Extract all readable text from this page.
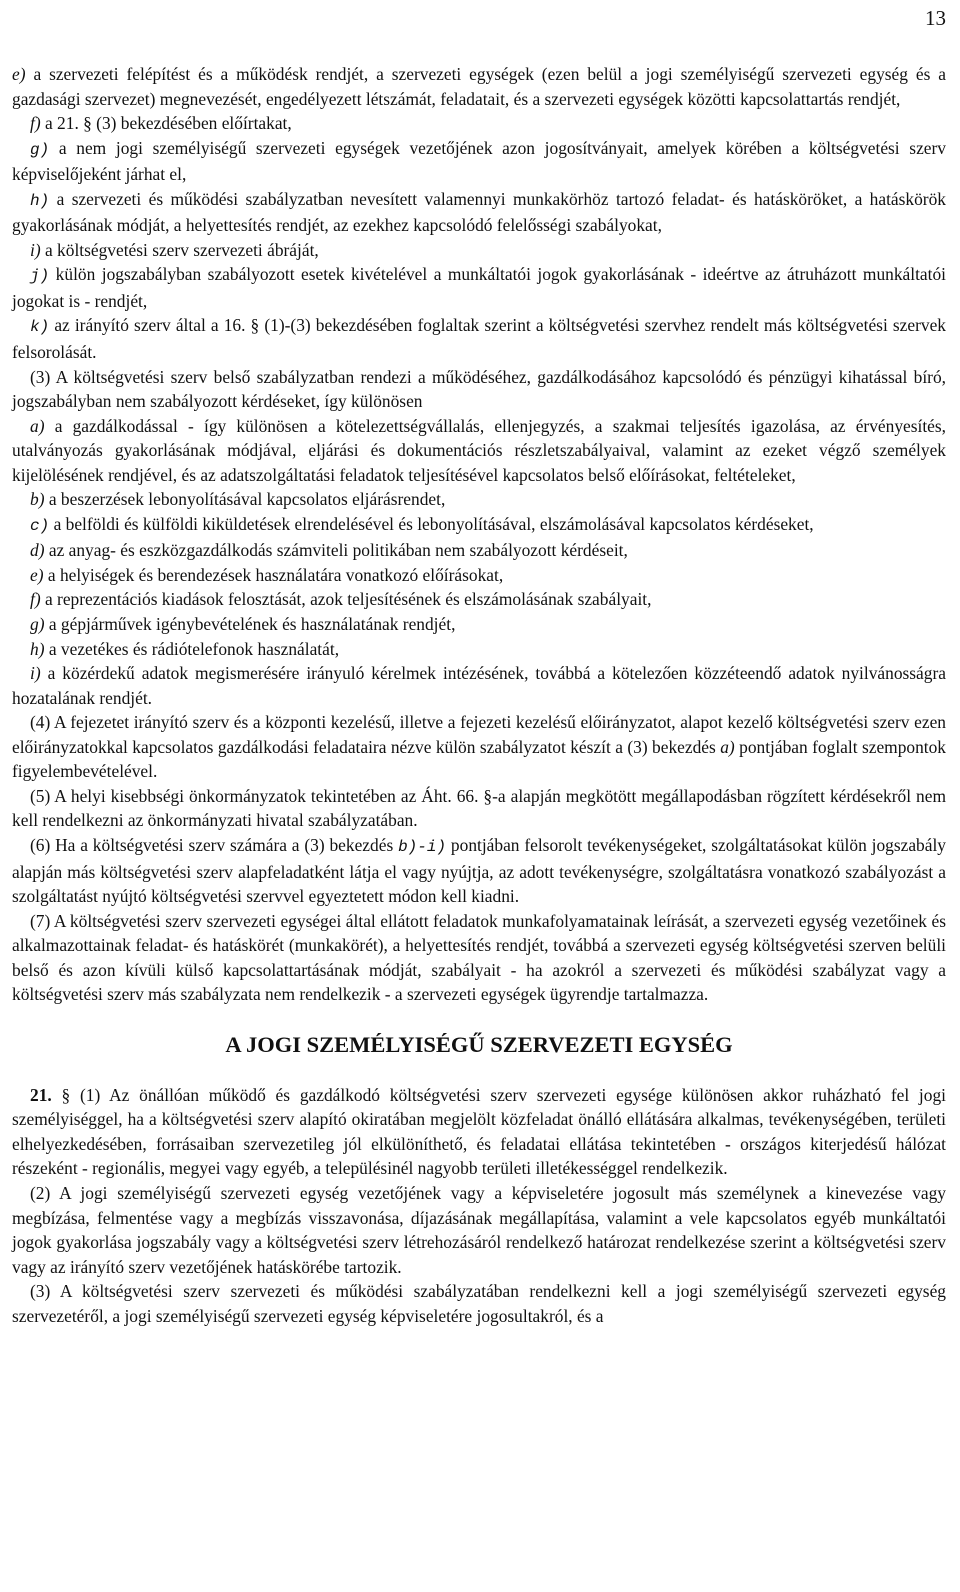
13

e) a szervezeti felépítést és a működésk rendjét, a szervezeti egységek (ezen belül a jogi személyiségű szervezeti egység és a gazdasági szervezet) megnevezését, engedélyezett létszámát, feladatait, és a szervezeti egységek közötti kapcsolattartás rendjét,

f) a 21. § (3) bekezdésében előírtakat,

g) a nem jogi személyiségű szervezeti egységek vezetőjének azon jogosítványait, amelyek körében a költségvetési szerv képviselőjeként járhat el,

h) a szervezeti és működési szabályzatban nevesített valamennyi munkakörhöz tartozó feladat- és hatásköröket, a hatáskörök gyakorlásának módját, a helyettesítés rendjét, az ezekhez kapcsolódó felelősségi szabályokat,

i) a költségvetési szerv szervezeti ábráját,

j) külön jogszabályban szabályozott esetek kivételével a munkáltatói jogok gyakorlásának - ideértve az átruházott munkáltatói jogokat is - rendjét,

k) az irányító szerv által a 16. § (1)-(3) bekezdésében foglaltak szerint a költségvetési szervhez rendelt más költségvetési szervek felsorolását.

(3) A költségvetési szerv belső szabályzatban rendezi a működéséhez, gazdálkodásához kapcsolódó és pénzügyi kihatással bíró, jogszabályban nem szabályozott kérdéseket, így különösen

a) a gazdálkodással - így különösen a kötelezettségvállalás, ellenjegyzés, a szakmai teljesítés igazolása, az érvényesítés, utalványozás gyakorlásának módjával, eljárási és dokumentációs részletszabályaival, valamint az ezeket végző személyek kijelölésének rendjével, és az adatszolgáltatási feladatok teljesítésével kapcsolatos belső előírásokat, feltételeket,

b) a beszerzések lebonyolításával kapcsolatos eljárásrendet,

c) a belföldi és külföldi kiküldetések elrendelésével és lebonyolításával, elszámolásával kapcsolatos kérdéseket,

d) az anyag- és eszközgazdálkodás számviteli politikában nem szabályozott kérdéseit,

e) a helyiségek és berendezések használatára vonatkozó előírásokat,

f) a reprezentációs kiadások felosztását, azok teljesítésének és elszámolásának szabályait,

g) a gépjárművek igénybevételének és használatának rendjét,

h) a vezetékes és rádiótelefonok használatát,

i) a közérdekű adatok megismerésére irányuló kérelmek intézésének, továbbá a kötelezően közzéteendő adatok nyilvánosságra hozatalának rendjét.

(4) A fejezetet irányító szerv és a központi kezelésű, illetve a fejezeti kezelésű előirányzatot, alapot kezelő költségvetési szerv ezen előirányzatokkal kapcsolatos gazdálkodási feladataira nézve külön szabályzatot készít a (3) bekezdés a) pontjában foglalt szempontok figyelembevételével.

(5) A helyi kisebbségi önkormányzatok tekintetében az Áht. 66. §-a alapján megkötött megállapodásban rögzített kérdésekről nem kell rendelkezni az önkormányzati hivatal szabályzatában.

(6) Ha a költségvetési szerv számára a (3) bekezdés b)-i) pontjában felsorolt tevékenységeket, szolgáltatásokat külön jogszabály alapján más költségvetési szerv alapfeladatként látja el vagy nyújtja, az adott tevékenységre, szolgáltatásra vonatkozó szabályozást a szolgáltatást nyújtó költségvetési szervvel egyeztetett módon kell kiadni.

(7) A költségvetési szerv szervezeti egységei által ellátott feladatok munkafolyamatainak leírását, a szervezeti egység vezetőinek és alkalmazottainak feladat- és hatáskörét (munkakörét), a helyettesítés rendjét, továbbá a szervezeti egység költségvetési szerven belüli belső és azon kívüli külső kapcsolattartásának módját, szabályait - ha azokról a szervezeti és működési szabályzat vagy a költségvetési szerv más szabályzata nem rendelkezik - a szervezeti egységek ügyrendje tartalmazza.

A JOGI SZEMÉLYISÉGŰ SZERVEZETI EGYSÉG

21. § (1) Az önállóan működő és gazdálkodó költségvetési szerv szervezeti egysége különösen akkor ruházható fel jogi személyiséggel, ha a költségvetési szerv alapító okiratában megjelölt közfeladat önálló ellátására alkalmas, tevékenységében, területi elhelyezkedésében, forrásaiban szervezetileg jól elkülöníthető, és feladatai ellátása tekintetében - országos kiterjedésű hálózat részeként - regionális, megyei vagy egyéb, a településinél nagyobb területi illetékességgel rendelkezik.

(2) A jogi személyiségű szervezeti egység vezetőjének vagy a képviseletére jogosult más személynek a kinevezése vagy megbízása, felmentése vagy a megbízás visszavonása, díjazásának megállapítása, valamint a vele kapcsolatos egyéb munkáltatói jogok gyakorlása jogszabály vagy a költségvetési szerv létrehozásáról rendelkező határozat rendelkezése szerint a költségvetési szerv vagy az irányító szerv vezetőjének hatáskörébe tartozik.

(3) A költségvetési szerv szervezeti és működési szabályzatában rendelkezni kell a jogi személyiségű szervezeti egység szervezetéről, a jogi személyiségű szervezeti egység képviseletére jogosultakról, és a
